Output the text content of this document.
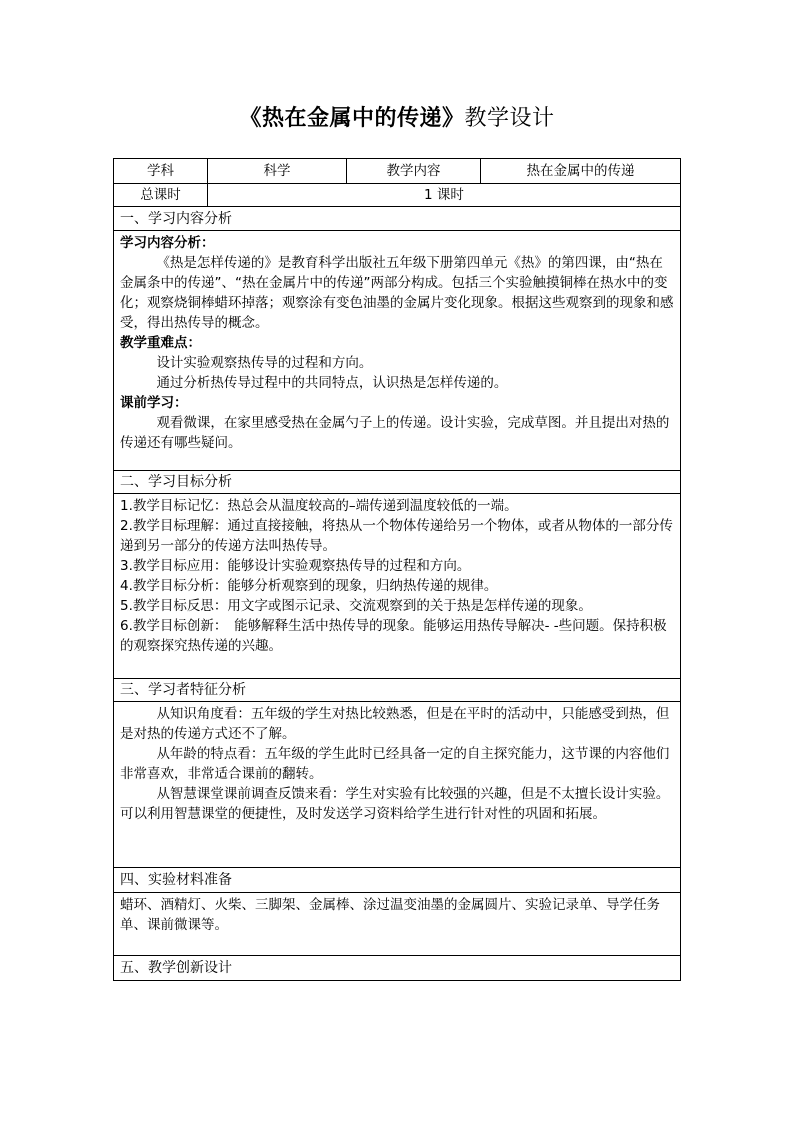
《热在金属中的传递》教学设计
学科	科学	教学内容	热在金属中的传递
总课时	1 课时
一、学习内容分析

学习内容分析：

《热是怎样传递的》是教育科学出版社五年级下册第四单元《热》的第四课，由“热在金属条中的传递”、“热在金属片中的传递”两部分构成。包括三个实验触摸铜棒在热水中的变化；观察烧铜棒蜡环掉落；观察涂有变色油墨的金属片变化现象。根据这些观察到的现象和感受，得出热传导的概念。

教学重难点：

设计实验观察热传导的过程和方向。

通过分析热传导过程中的共同特点，认识热是怎样传递的。

课前学习：

观看微课，在家里感受热在金属勺子上的传递。设计实验，完成草图。并且提出对热的传递还有哪些疑问。

二、学习目标分析

1.教学目标记忆：热总会从温度较高的–端传递到温度较低的一端。

2.教学目标理解：通过直接接触，将热从一个物体传递给另一个物体，或者从物体的一部分传递到另一部分的传递方法叫热传导。

3.教学目标应用：能够设计实验观察热传导的过程和方向。

4.教学目标分析：能够分析观察到的现象，归纳热传递的规律。

5.教学目标反思：用文字或图示记录、交流观察到的关于热是怎样传递的现象。

6.教学目标创新：　能够解释生活中热传导的现象。能够运用热传导解决- -些问题。保持积极的观察探究热传递的兴趣。

三、学习者特征分析

从知识角度看：五年级的学生对热比较熟悉，但是在平时的活动中，只能感受到热，但是对热的传递方式还不了解。

从年龄的特点看：五年级的学生此时已经具备一定的自主探究能力，这节课的内容他们非常喜欢，非常适合课前的翻转。

从智慧课堂课前调查反馈来看：学生对实验有比较强的兴趣，但是不太擅长设计实验。可以利用智慧课堂的便捷性，及时发送学习资料给学生进行针对性的巩固和拓展。

四、实验材料准备

蜡环、酒精灯、火柴、三脚架、金属棒、涂过温变油墨的金属圆片、实验记录单、导学任务单、课前微课等。

五、教学创新设计
